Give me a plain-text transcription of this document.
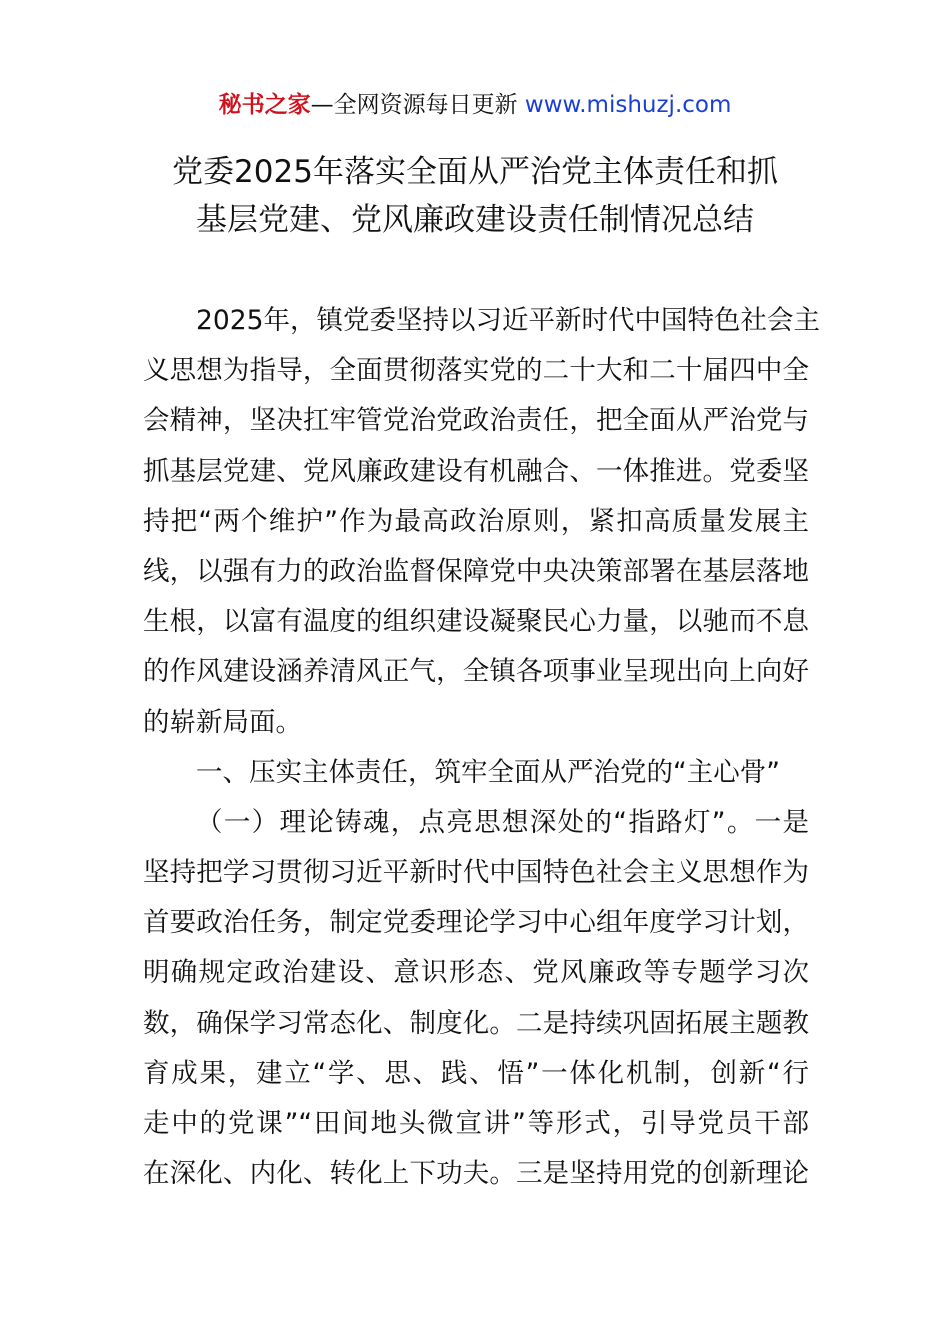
秘书之家—全网资源每日更新 www.mishuzj.com
党委2025年落实全面从严治党主体责任和抓
基层党建、党风廉政建设责任制情况总结
2025年，镇党委坚持以习近平新时代中国特色社会主
义思想为指导，全面贯彻落实党的二十大和二十届四中全
会精神，坚决扛牢管党治党政治责任，把全面从严治党与
抓基层党建、党风廉政建设有机融合、一体推进。党委坚
持把“两个维护”作为最高政治原则，紧扣高质量发展主
线，以强有力的政治监督保障党中央决策部署在基层落地
生根，以富有温度的组织建设凝聚民心力量，以驰而不息
的作风建设涵养清风正气，全镇各项事业呈现出向上向好
的崭新局面。
一、压实主体责任，筑牢全面从严治党的“主心骨”
（一）理论铸魂，点亮思想深处的“指路灯”。一是
坚持把学习贯彻习近平新时代中国特色社会主义思想作为
首要政治任务，制定党委理论学习中心组年度学习计划，
明确规定政治建设、意识形态、党风廉政等专题学习次
数，确保学习常态化、制度化。二是持续巩固拓展主题教
育成果，建立“学、思、践、悟”一体化机制，创新“行
走中的党课”“田间地头微宣讲”等形式，引导党员干部
在深化、内化、转化上下功夫。三是坚持用党的创新理论
